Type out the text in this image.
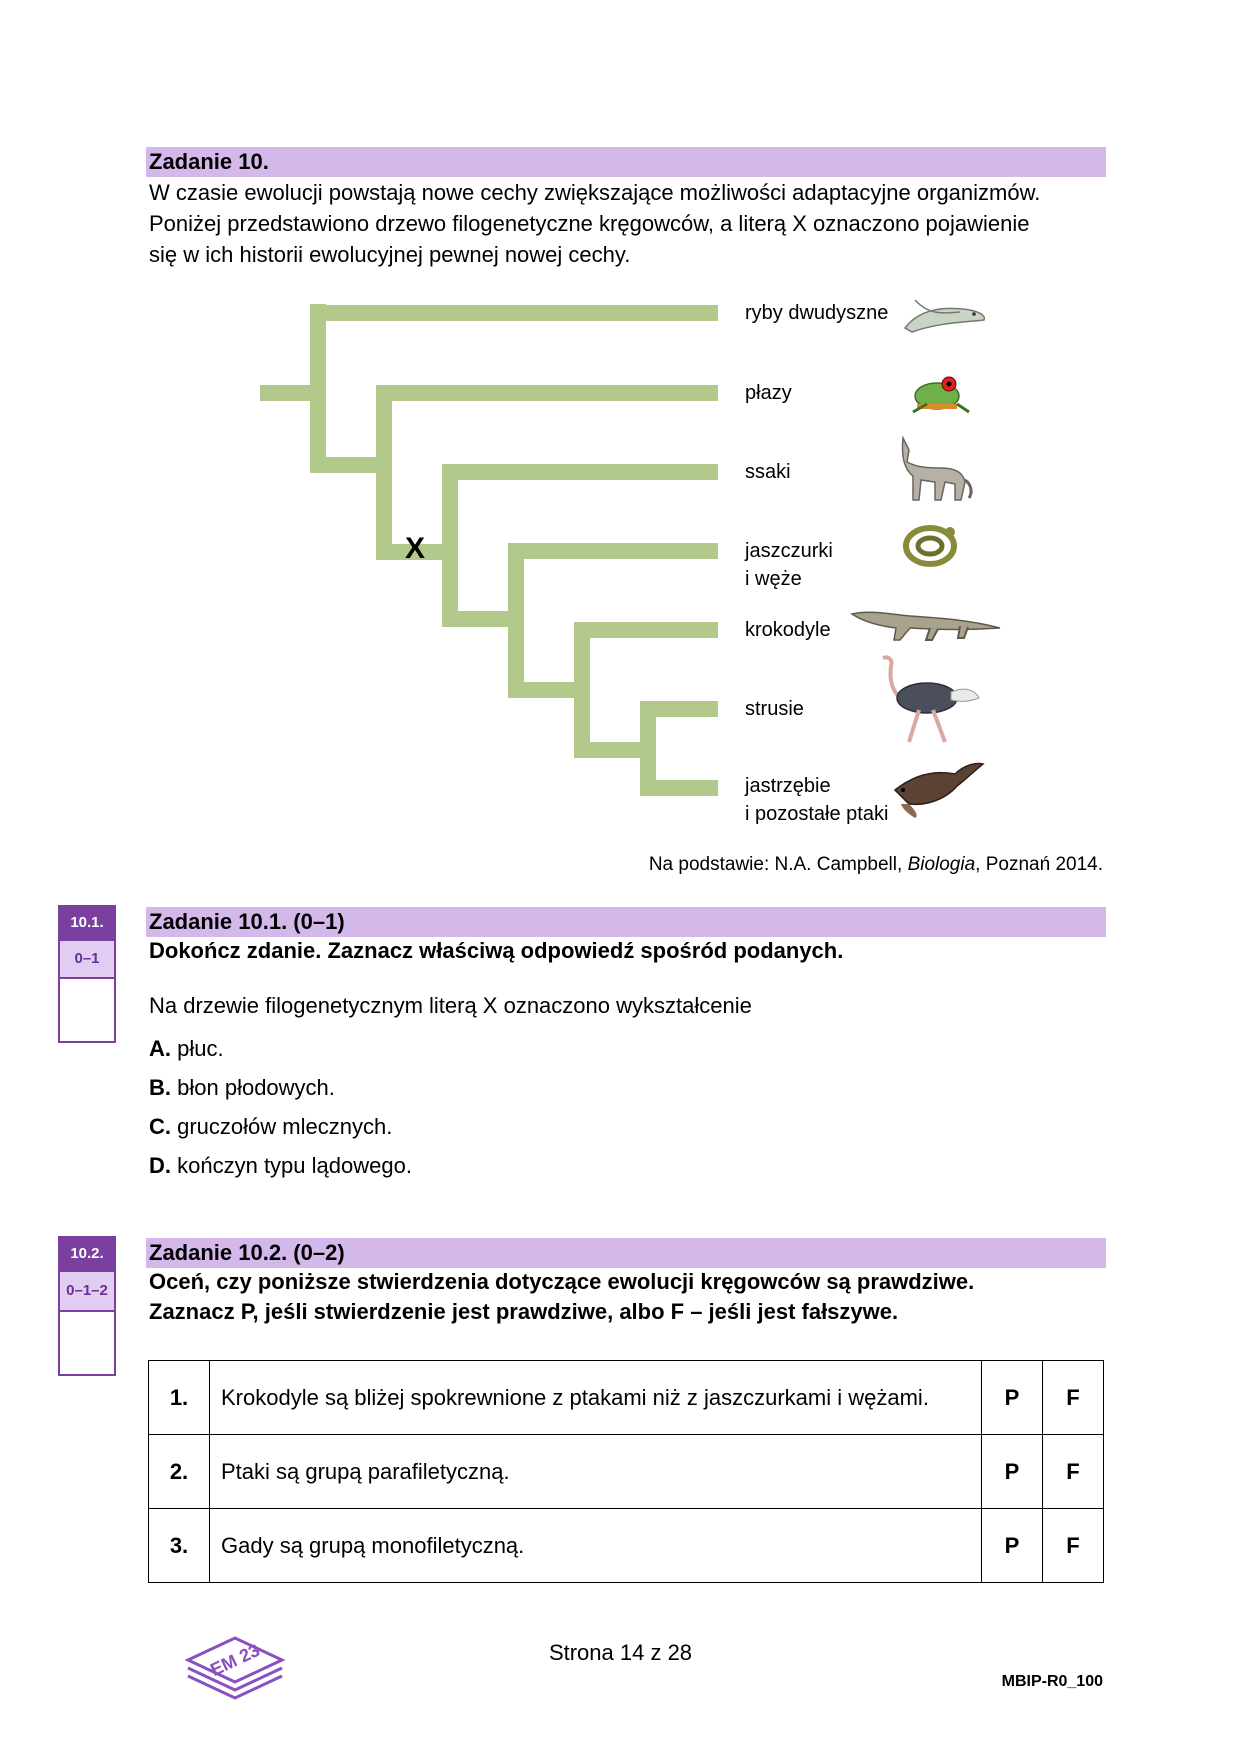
Zadanie 10.
W czasie ewolucji powstają nowe cechy zwiększające możliwości adaptacyjne organizmów.
Poniżej przedstawiono drzewo filogenetyczne kręgowców, a literą X oznaczono pojawienie
się w ich historii ewolucyjnej pewnej nowej cechy.
X
ryby dwudyszne
płazy
ssaki
jaszczurki
i węże
krokodyle
strusie
jastrzębie
i pozostałe ptaki
Na podstawie: N.A. Campbell, Biologia, Poznań 2014.
10.1.
0–1
Zadanie 10.1. (0–1)
Dokończ zdanie. Zaznacz właściwą odpowiedź spośród podanych.
Na drzewie filogenetycznym literą X oznaczono wykształcenie
A. płuc.
B. błon płodowych.
C. gruczołów mlecznych.
D. kończyn typu lądowego.
10.2.
0–1–2
Zadanie 10.2. (0–2)
Oceń, czy poniższe stwierdzenia dotyczące ewolucji kręgowców są prawdziwe.
Zaznacz P, jeśli stwierdzenie jest prawdziwe, albo F – jeśli jest fałszywe.
1.	Krokodyle są bliżej spokrewnione z ptakami niż z jaszczurkami i wężami.	P	F
2.	Ptaki są grupą parafiletyczną.	P	F
3.	Gady są grupą monofiletyczną.	P	F
EM 23	Strona 14 z 28
MBIP-R0_100
